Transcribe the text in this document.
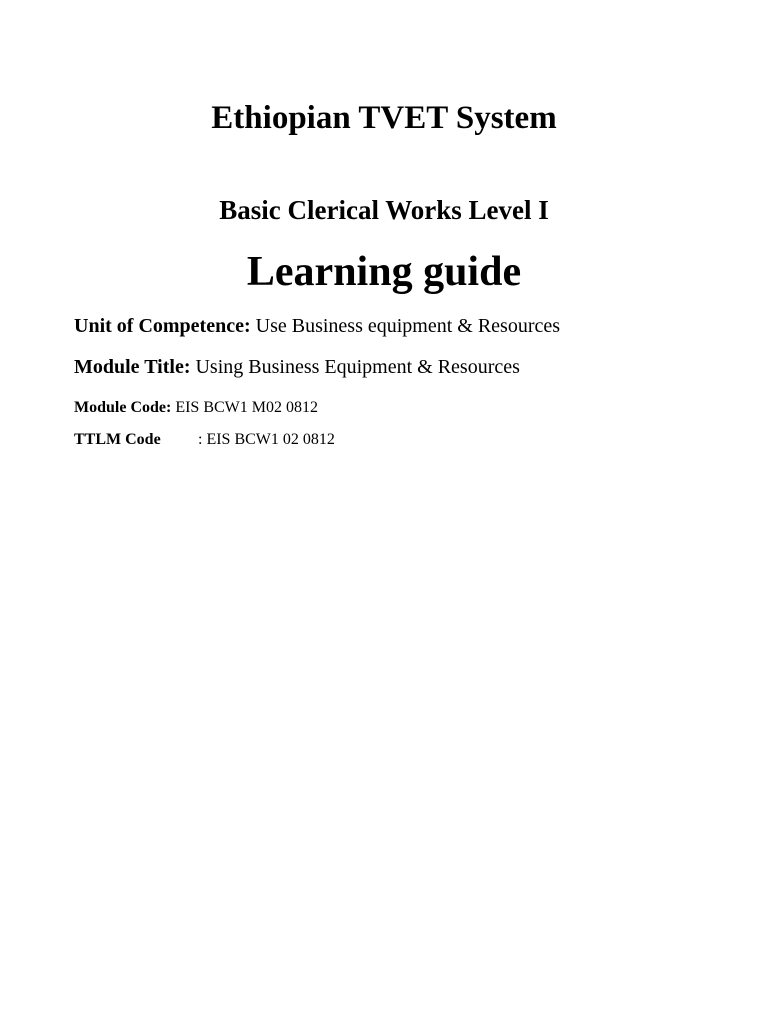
Ethiopian TVET System
Basic Clerical Works Level I
Learning guide
Unit of Competence: Use Business equipment & Resources
Module Title: Using Business Equipment & Resources
Module Code: EIS BCW1 M02 0812
TTLM Code : EIS BCW1 02 0812
